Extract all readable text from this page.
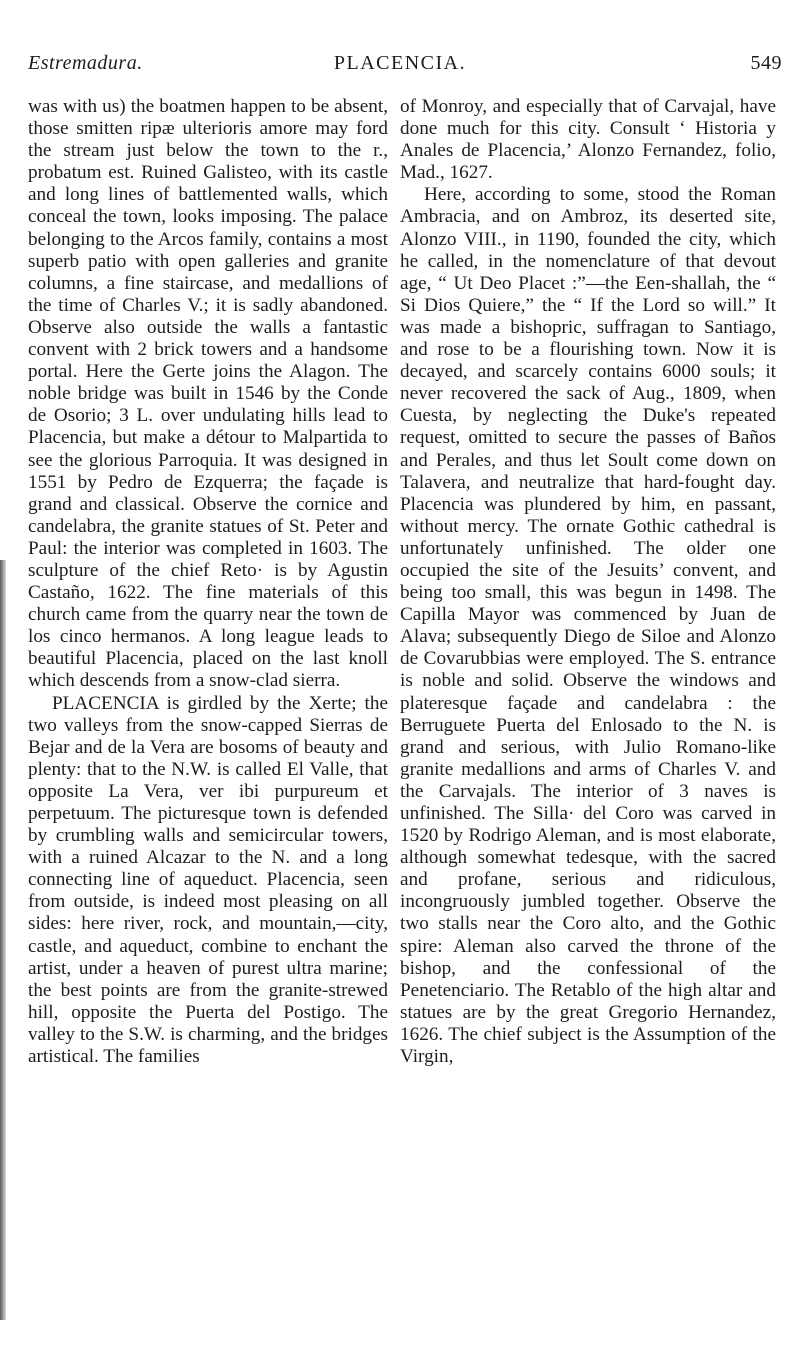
Estremadura.	PLACENCIA.	549

was with us) the boatmen happen to be absent, those smitten ripæ ulterioris amore may ford the stream just below the town to the r., probatum est. Ruined Galisteo, with its castle and long lines of battlemented walls, which conceal the town, looks imposing. The palace belonging to the Arcos family, contains a most superb patio with open galleries and granite columns, a fine staircase, and medallions of the time of Charles V.; it is sadly abandoned. Observe also outside the walls a fantastic convent with 2 brick towers and a handsome portal. Here the Gerte joins the Alagon. The noble bridge was built in 1546 by the Conde de Osorio; 3 L. over undulating hills lead to Placencia, but make a détour to Malpartida to see the glorious Parroquia. It was designed in 1551 by Pedro de Ezquerra; the façade is grand and classical. Observe the cornice and candelabra, the granite statues of St. Peter and Paul: the interior was completed in 1603. The sculpture of the chief Reto· is by Agustin Castaño, 1622. The fine materials of this church came from the quarry near the town de los cinco hermanos. A long league leads to beautiful Placencia, placed on the last knoll which descends from a snow-clad sierra.

PLACENCIA is girdled by the Xerte; the two valleys from the snow-capped Sierras de Bejar and de la Vera are bosoms of beauty and plenty: that to the N.W. is called El Valle, that opposite La Vera, ver ibi purpureum et perpetuum. The picturesque town is defended by crumbling walls and semicircular towers, with a ruined Alcazar to the N. and a long connecting line of aqueduct. Placencia, seen from outside, is indeed most pleasing on all sides: here river, rock, and mountain,—city, castle, and aqueduct, combine to enchant the artist, under a heaven of purest ultra marine; the best points are from the granite-strewed hill, opposite the Puerta del Postigo. The valley to the S.W. is charming, and the bridges artistical. The families

of Monroy, and especially that of Carvajal, have done much for this city. Consult ‘ Historia y Anales de Placencia,’ Alonzo Fernandez, folio, Mad., 1627.

Here, according to some, stood the Roman Ambracia, and on Ambroz, its deserted site, Alonzo VIII., in 1190, founded the city, which he called, in the nomenclature of that devout age, “ Ut Deo Placet :”—the Een-shallah, the “ Si Dios Quiere,” the “ If the Lord so will.” It was made a bishopric, suffragan to Santiago, and rose to be a flourishing town. Now it is decayed, and scarcely contains 6000 souls; it never recovered the sack of Aug., 1809, when Cuesta, by neglecting the Duke's repeated request, omitted to secure the passes of Baños and Perales, and thus let Soult come down on Talavera, and neutralize that hard-fought day. Placencia was plundered by him, en passant, without mercy. The ornate Gothic cathedral is unfortunately unfinished. The older one occupied the site of the Jesuits’ convent, and being too small, this was begun in 1498. The Capilla Mayor was commenced by Juan de Alava; subsequently Diego de Siloe and Alonzo de Covarubbias were employed. The S. entrance is noble and solid. Observe the windows and plateresque façade and candelabra : the Berruguete Puerta del Enlosado to the N. is grand and serious, with Julio Romano-like granite medallions and arms of Charles V. and the Carvajals. The interior of 3 naves is unfinished. The Silla· del Coro was carved in 1520 by Rodrigo Aleman, and is most elaborate, although somewhat tedesque, with the sacred and profane, serious and ridiculous, incongruously jumbled together. Observe the two stalls near the Coro alto, and the Gothic spire: Aleman also carved the throne of the bishop, and the confessional of the Penetenciario. The Retablo of the high altar and statues are by the great Gregorio Hernandez, 1626. The chief subject is the Assumption of the Virgin,
